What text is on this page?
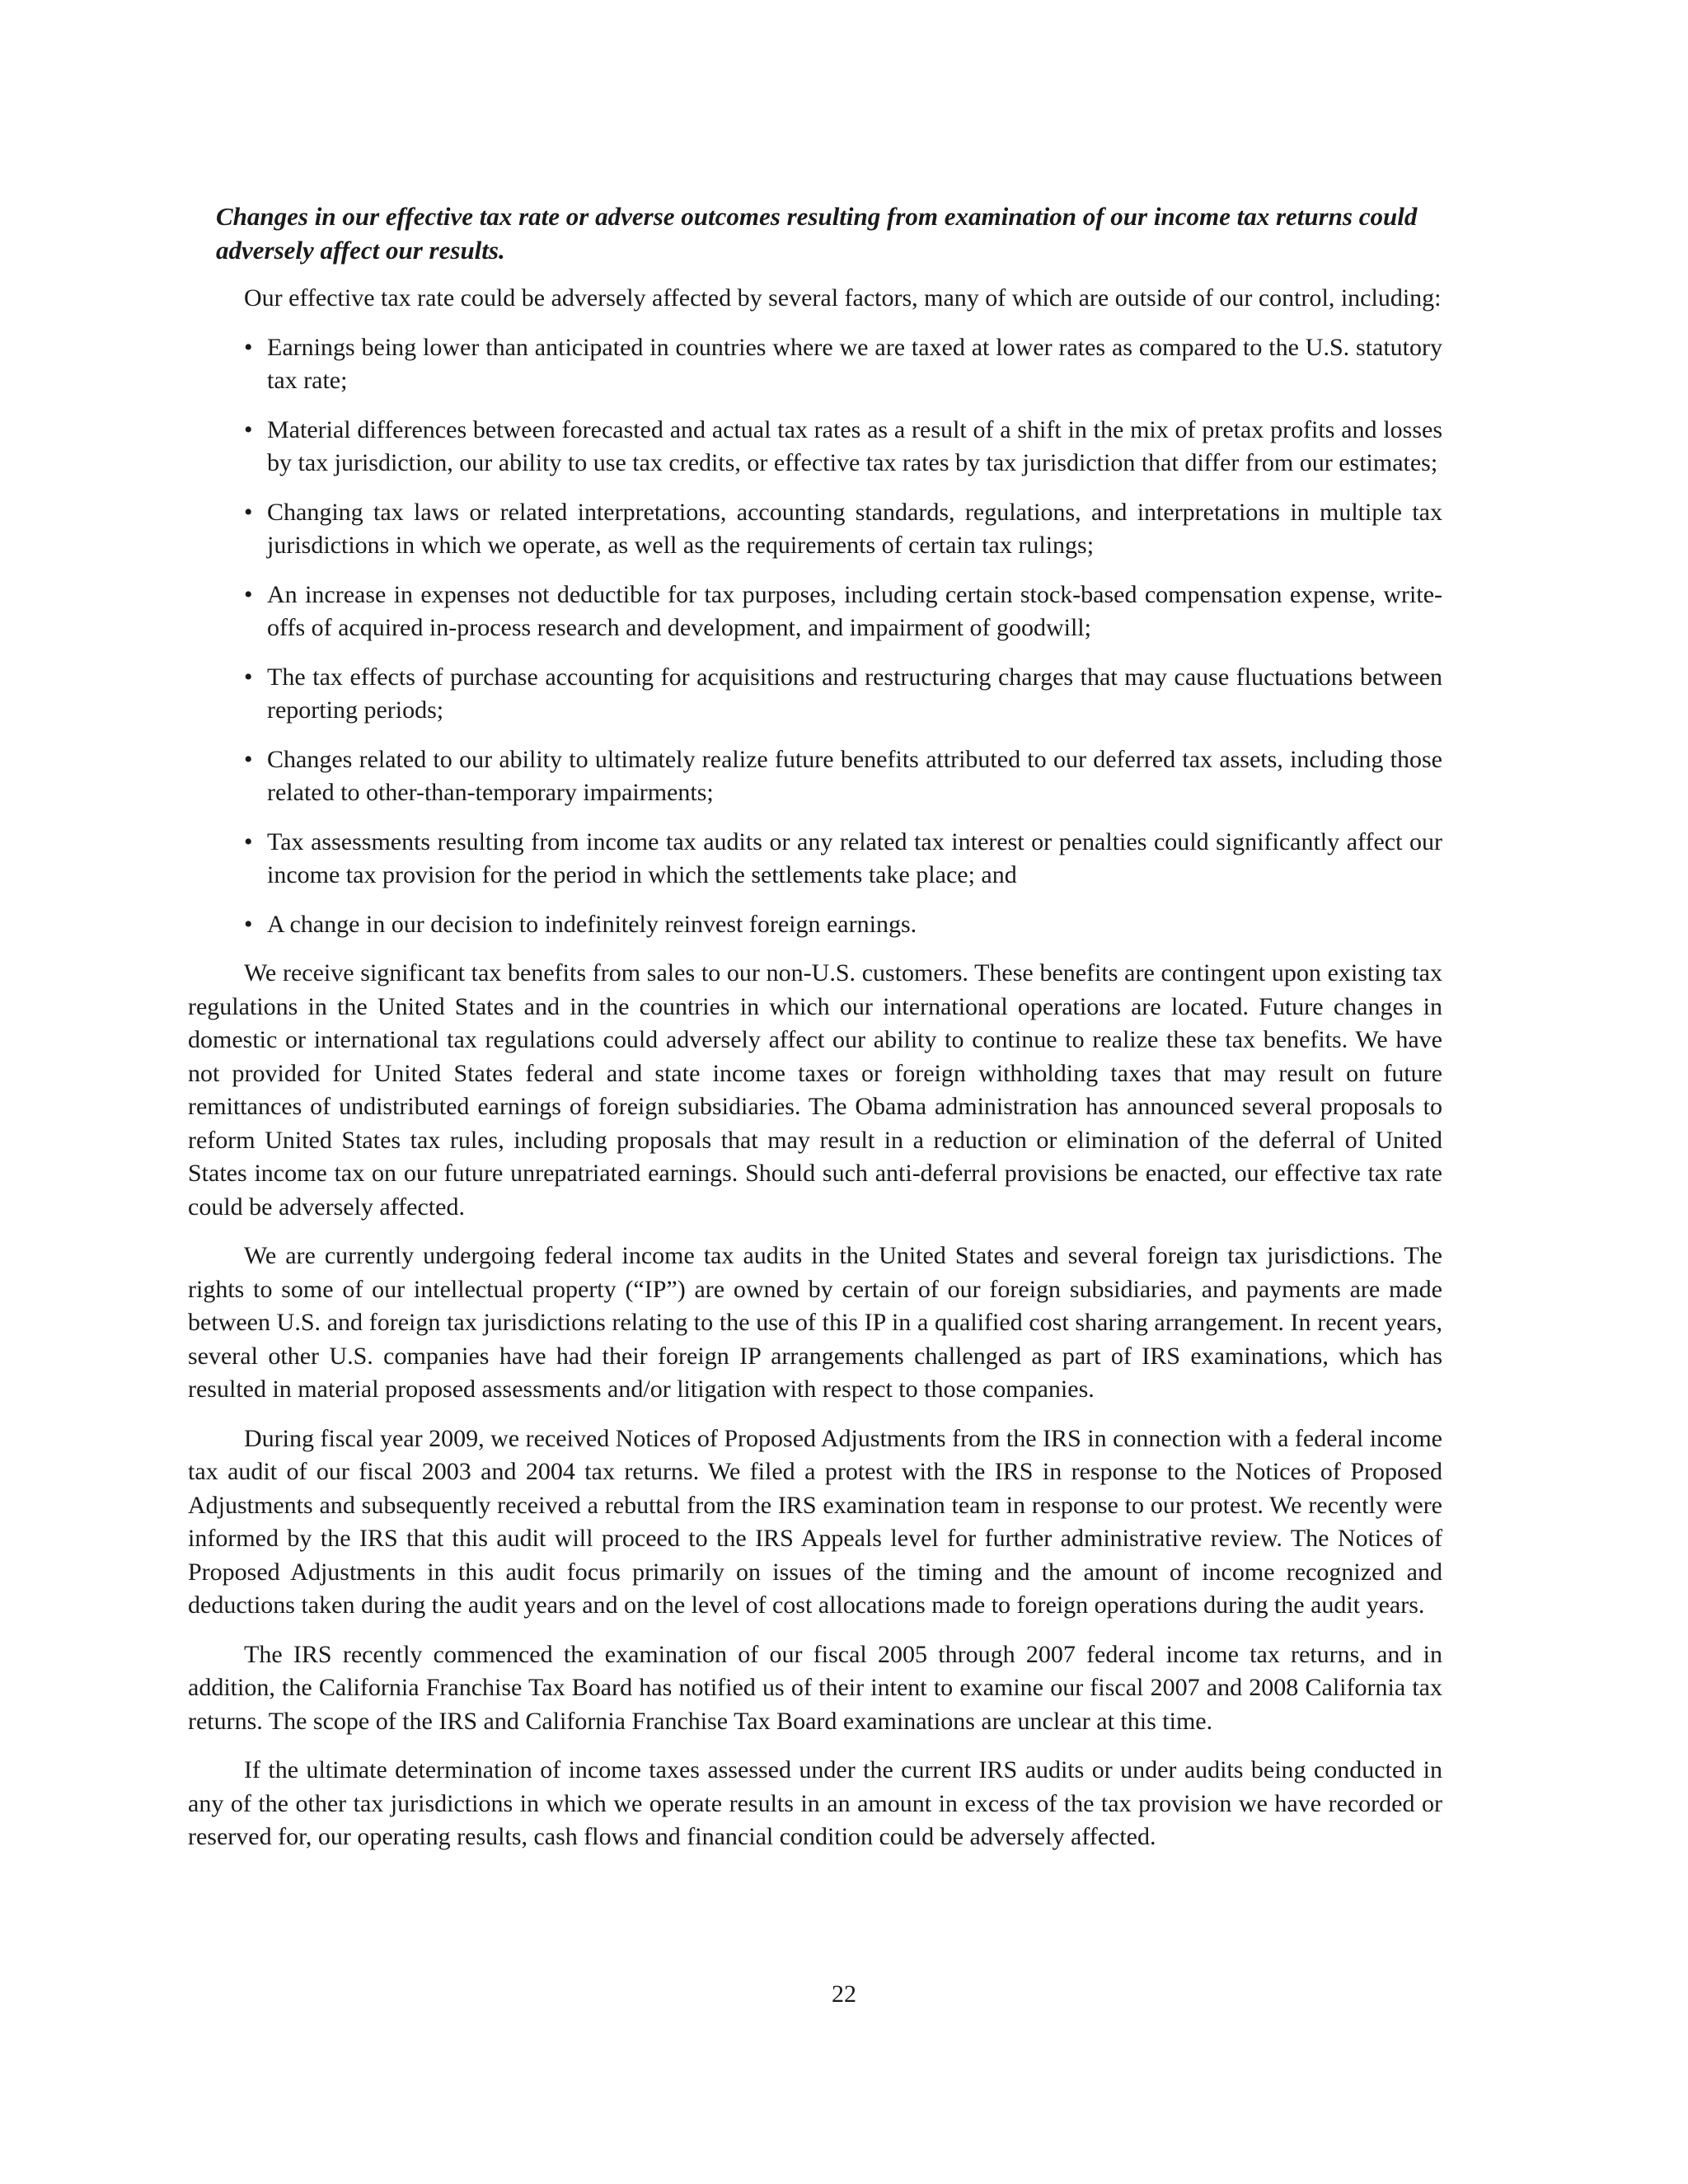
Changes in our effective tax rate or adverse outcomes resulting from examination of our income tax returns could adversely affect our results.

Our effective tax rate could be adversely affected by several factors, many of which are outside of our control, including:

• Earnings being lower than anticipated in countries where we are taxed at lower rates as compared to the U.S. statutory tax rate;
• Material differences between forecasted and actual tax rates as a result of a shift in the mix of pretax profits and losses by tax jurisdiction, our ability to use tax credits, or effective tax rates by tax jurisdiction that differ from our estimates;
• Changing tax laws or related interpretations, accounting standards, regulations, and interpretations in multiple tax jurisdictions in which we operate, as well as the requirements of certain tax rulings;
• An increase in expenses not deductible for tax purposes, including certain stock-based compensation expense, write-offs of acquired in-process research and development, and impairment of goodwill;
• The tax effects of purchase accounting for acquisitions and restructuring charges that may cause fluctuations between reporting periods;
• Changes related to our ability to ultimately realize future benefits attributed to our deferred tax assets, including those related to other-than-temporary impairments;
• Tax assessments resulting from income tax audits or any related tax interest or penalties could significantly affect our income tax provision for the period in which the settlements take place; and
• A change in our decision to indefinitely reinvest foreign earnings.

We receive significant tax benefits from sales to our non-U.S. customers. These benefits are contingent upon existing tax regulations in the United States and in the countries in which our international operations are located. Future changes in domestic or international tax regulations could adversely affect our ability to continue to realize these tax benefits. We have not provided for United States federal and state income taxes or foreign withholding taxes that may result on future remittances of undistributed earnings of foreign subsidiaries. The Obama administration has announced several proposals to reform United States tax rules, including proposals that may result in a reduction or elimination of the deferral of United States income tax on our future unrepatriated earnings. Should such anti-deferral provisions be enacted, our effective tax rate could be adversely affected.

We are currently undergoing federal income tax audits in the United States and several foreign tax jurisdictions. The rights to some of our intellectual property (“IP”) are owned by certain of our foreign subsidiaries, and payments are made between U.S. and foreign tax jurisdictions relating to the use of this IP in a qualified cost sharing arrangement. In recent years, several other U.S. companies have had their foreign IP arrangements challenged as part of IRS examinations, which has resulted in material proposed assessments and/or litigation with respect to those companies.

During fiscal year 2009, we received Notices of Proposed Adjustments from the IRS in connection with a federal income tax audit of our fiscal 2003 and 2004 tax returns. We filed a protest with the IRS in response to the Notices of Proposed Adjustments and subsequently received a rebuttal from the IRS examination team in response to our protest. We recently were informed by the IRS that this audit will proceed to the IRS Appeals level for further administrative review. The Notices of Proposed Adjustments in this audit focus primarily on issues of the timing and the amount of income recognized and deductions taken during the audit years and on the level of cost allocations made to foreign operations during the audit years.

The IRS recently commenced the examination of our fiscal 2005 through 2007 federal income tax returns, and in addition, the California Franchise Tax Board has notified us of their intent to examine our fiscal 2007 and 2008 California tax returns. The scope of the IRS and California Franchise Tax Board examinations are unclear at this time.

If the ultimate determination of income taxes assessed under the current IRS audits or under audits being conducted in any of the other tax jurisdictions in which we operate results in an amount in excess of the tax provision we have recorded or reserved for, our operating results, cash flows and financial condition could be adversely affected.

22
